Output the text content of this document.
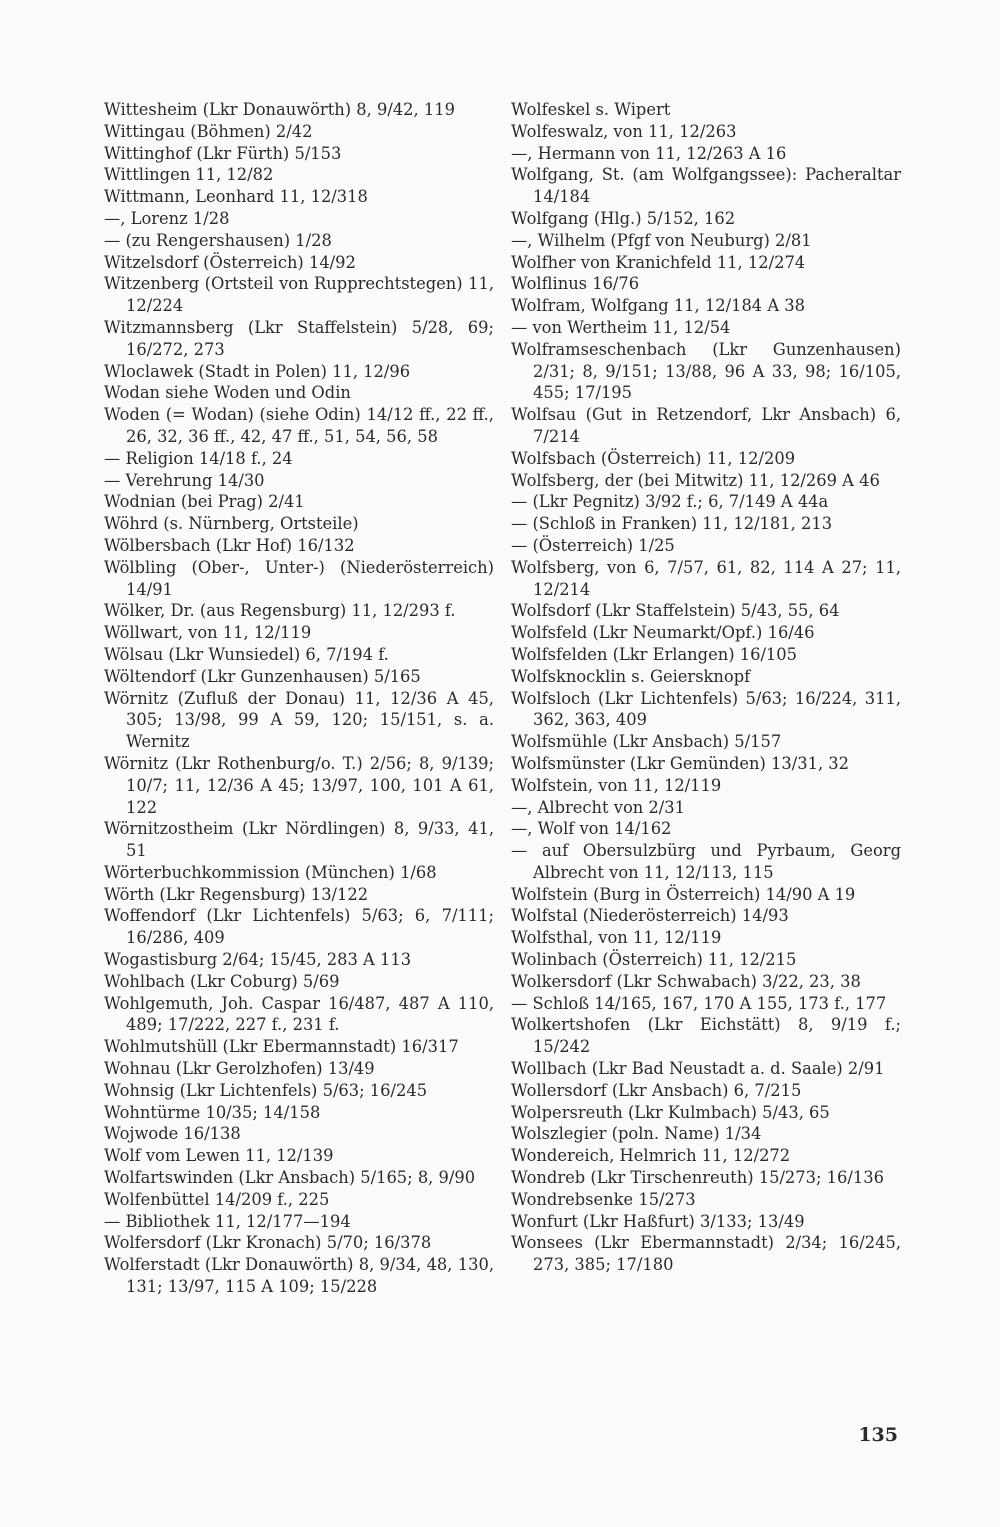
Wittesheim (Lkr Donauwörth) 8, 9/42, 119
Wittingau (Böhmen) 2/42
Wittinghof (Lkr Fürth) 5/153
Wittlingen 11, 12/82
Wittmann, Leonhard 11, 12/318
—, Lorenz 1/28
— (zu Rengershausen) 1/28
Witzelsdorf (Österreich) 14/92
Witzenberg (Ortsteil von Rupprechtstegen) 11, 12/224
Witzmannsberg (Lkr Staffelstein) 5/28, 69; 16/272, 273
Wloclawek (Stadt in Polen) 11, 12/96
Wodan siehe Woden und Odin
Woden (= Wodan) (siehe Odin) 14/12 ff., 22 ff., 26, 32, 36 ff., 42, 47 ff., 51, 54, 56, 58
— Religion 14/18 f., 24
— Verehrung 14/30
Wodnian (bei Prag) 2/41
Wöhrd (s. Nürnberg, Ortsteile)
Wölbersbach (Lkr Hof) 16/132
Wölbling (Ober-, Unter-) (Niederösterreich) 14/91
Wölker, Dr. (aus Regensburg) 11, 12/293 f.
Wöllwart, von 11, 12/119
Wölsau (Lkr Wunsiedel) 6, 7/194 f.
Wöltendorf (Lkr Gunzenhausen) 5/165
Wörnitz (Zufluß der Donau) 11, 12/36 A 45, 305; 13/98, 99 A 59, 120; 15/151, s. a. Wernitz
Wörnitz (Lkr Rothenburg/o. T.) 2/56; 8, 9/139; 10/7; 11, 12/36 A 45; 13/97, 100, 101 A 61, 122
Wörnitzostheim (Lkr Nördlingen) 8, 9/33, 41, 51
Wörterbuchkommission (München) 1/68
Wörth (Lkr Regensburg) 13/122
Woffendorf (Lkr Lichtenfels) 5/63; 6, 7/111; 16/286, 409
Wogastisburg 2/64; 15/45, 283 A 113
Wohlbach (Lkr Coburg) 5/69
Wohlgemuth, Joh. Caspar 16/487, 487 A 110, 489; 17/222, 227 f., 231 f.
Wohlmutshüll (Lkr Ebermannstadt) 16/317
Wohnau (Lkr Gerolzhofen) 13/49
Wohnsig (Lkr Lichtenfels) 5/63; 16/245
Wohntürme 10/35; 14/158
Wojwode 16/138
Wolf vom Lewen 11, 12/139
Wolfartswinden (Lkr Ansbach) 5/165; 8, 9/90
Wolfenbüttel 14/209 f., 225
— Bibliothek 11, 12/177—194
Wolfersdorf (Lkr Kronach) 5/70; 16/378
Wolferstadt (Lkr Donauwörth) 8, 9/34, 48, 130, 131; 13/97, 115 A 109; 15/228
Wolfeskel s. Wipert
Wolfeswalz, von 11, 12/263
—, Hermann von 11, 12/263 A 16
Wolfgang, St. (am Wolfgangssee): Pacheraltar 14/184
Wolfgang (Hlg.) 5/152, 162
—, Wilhelm (Pfgf von Neuburg) 2/81
Wolfher von Kranichfeld 11, 12/274
Wolflinus 16/76
Wolfram, Wolfgang 11, 12/184 A 38
— von Wertheim 11, 12/54
Wolframseschenbach (Lkr Gunzenhausen) 2/31; 8, 9/151; 13/88, 96 A 33, 98; 16/105, 455; 17/195
Wolfsau (Gut in Retzendorf, Lkr Ansbach) 6, 7/214
Wolfsbach (Österreich) 11, 12/209
Wolfsberg, der (bei Mitwitz) 11, 12/269 A 46
— (Lkr Pegnitz) 3/92 f.; 6, 7/149 A 44a
— (Schloß in Franken) 11, 12/181, 213
— (Österreich) 1/25
Wolfsberg, von 6, 7/57, 61, 82, 114 A 27; 11, 12/214
Wolfsdorf (Lkr Staffelstein) 5/43, 55, 64
Wolfsfeld (Lkr Neumarkt/Opf.) 16/46
Wolfsfelden (Lkr Erlangen) 16/105
Wolfsknocklin s. Geiersknopf
Wolfsloch (Lkr Lichtenfels) 5/63; 16/224, 311, 362, 363, 409
Wolfsmühle (Lkr Ansbach) 5/157
Wolfsmünster (Lkr Gemünden) 13/31, 32
Wolfstein, von 11, 12/119
—, Albrecht von 2/31
—, Wolf von 14/162
— auf Obersulzbürg und Pyrbaum, Georg Albrecht von 11, 12/113, 115
Wolfstein (Burg in Österreich) 14/90 A 19
Wolfstal (Niederösterreich) 14/93
Wolfsthal, von 11, 12/119
Wolinbach (Österreich) 11, 12/215
Wolkersdorf (Lkr Schwabach) 3/22, 23, 38
— Schloß 14/165, 167, 170 A 155, 173 f., 177
Wolkertshofen (Lkr Eichstätt) 8, 9/19 f.; 15/242
Wollbach (Lkr Bad Neustadt a. d. Saale) 2/91
Wollersdorf (Lkr Ansbach) 6, 7/215
Wolpersreuth (Lkr Kulmbach) 5/43, 65
Wolszlegier (poln. Name) 1/34
Wondereich, Helmrich 11, 12/272
Wondreb (Lkr Tirschenreuth) 15/273; 16/136
Wondrebsenke 15/273
Wonfurt (Lkr Haßfurt) 3/133; 13/49
Wonsees (Lkr Ebermannstadt) 2/34; 16/245, 273, 385; 17/180
135
